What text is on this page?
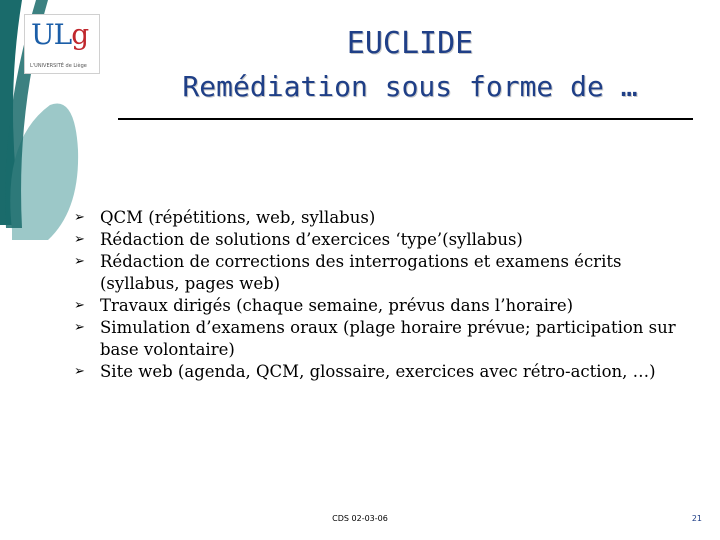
ULg
L'UNIVERSITÉ de Liège
EUCLIDE
Remédiation sous forme de …
➢ QCM (répétitions, web, syllabus)
➢ Rédaction de solutions d’exercices ‘type’(syllabus)
➢ Rédaction de corrections des interrogations et examens écrits (syllabus, pages web)
➢ Travaux dirigés (chaque semaine, prévus dans l’horaire)
➢ Simulation d’examens oraux (plage horaire prévue; participation sur base volontaire)
➢ Site web (agenda, QCM, glossaire, exercices avec rétro-action, …)
CDS 02-03-06	21
